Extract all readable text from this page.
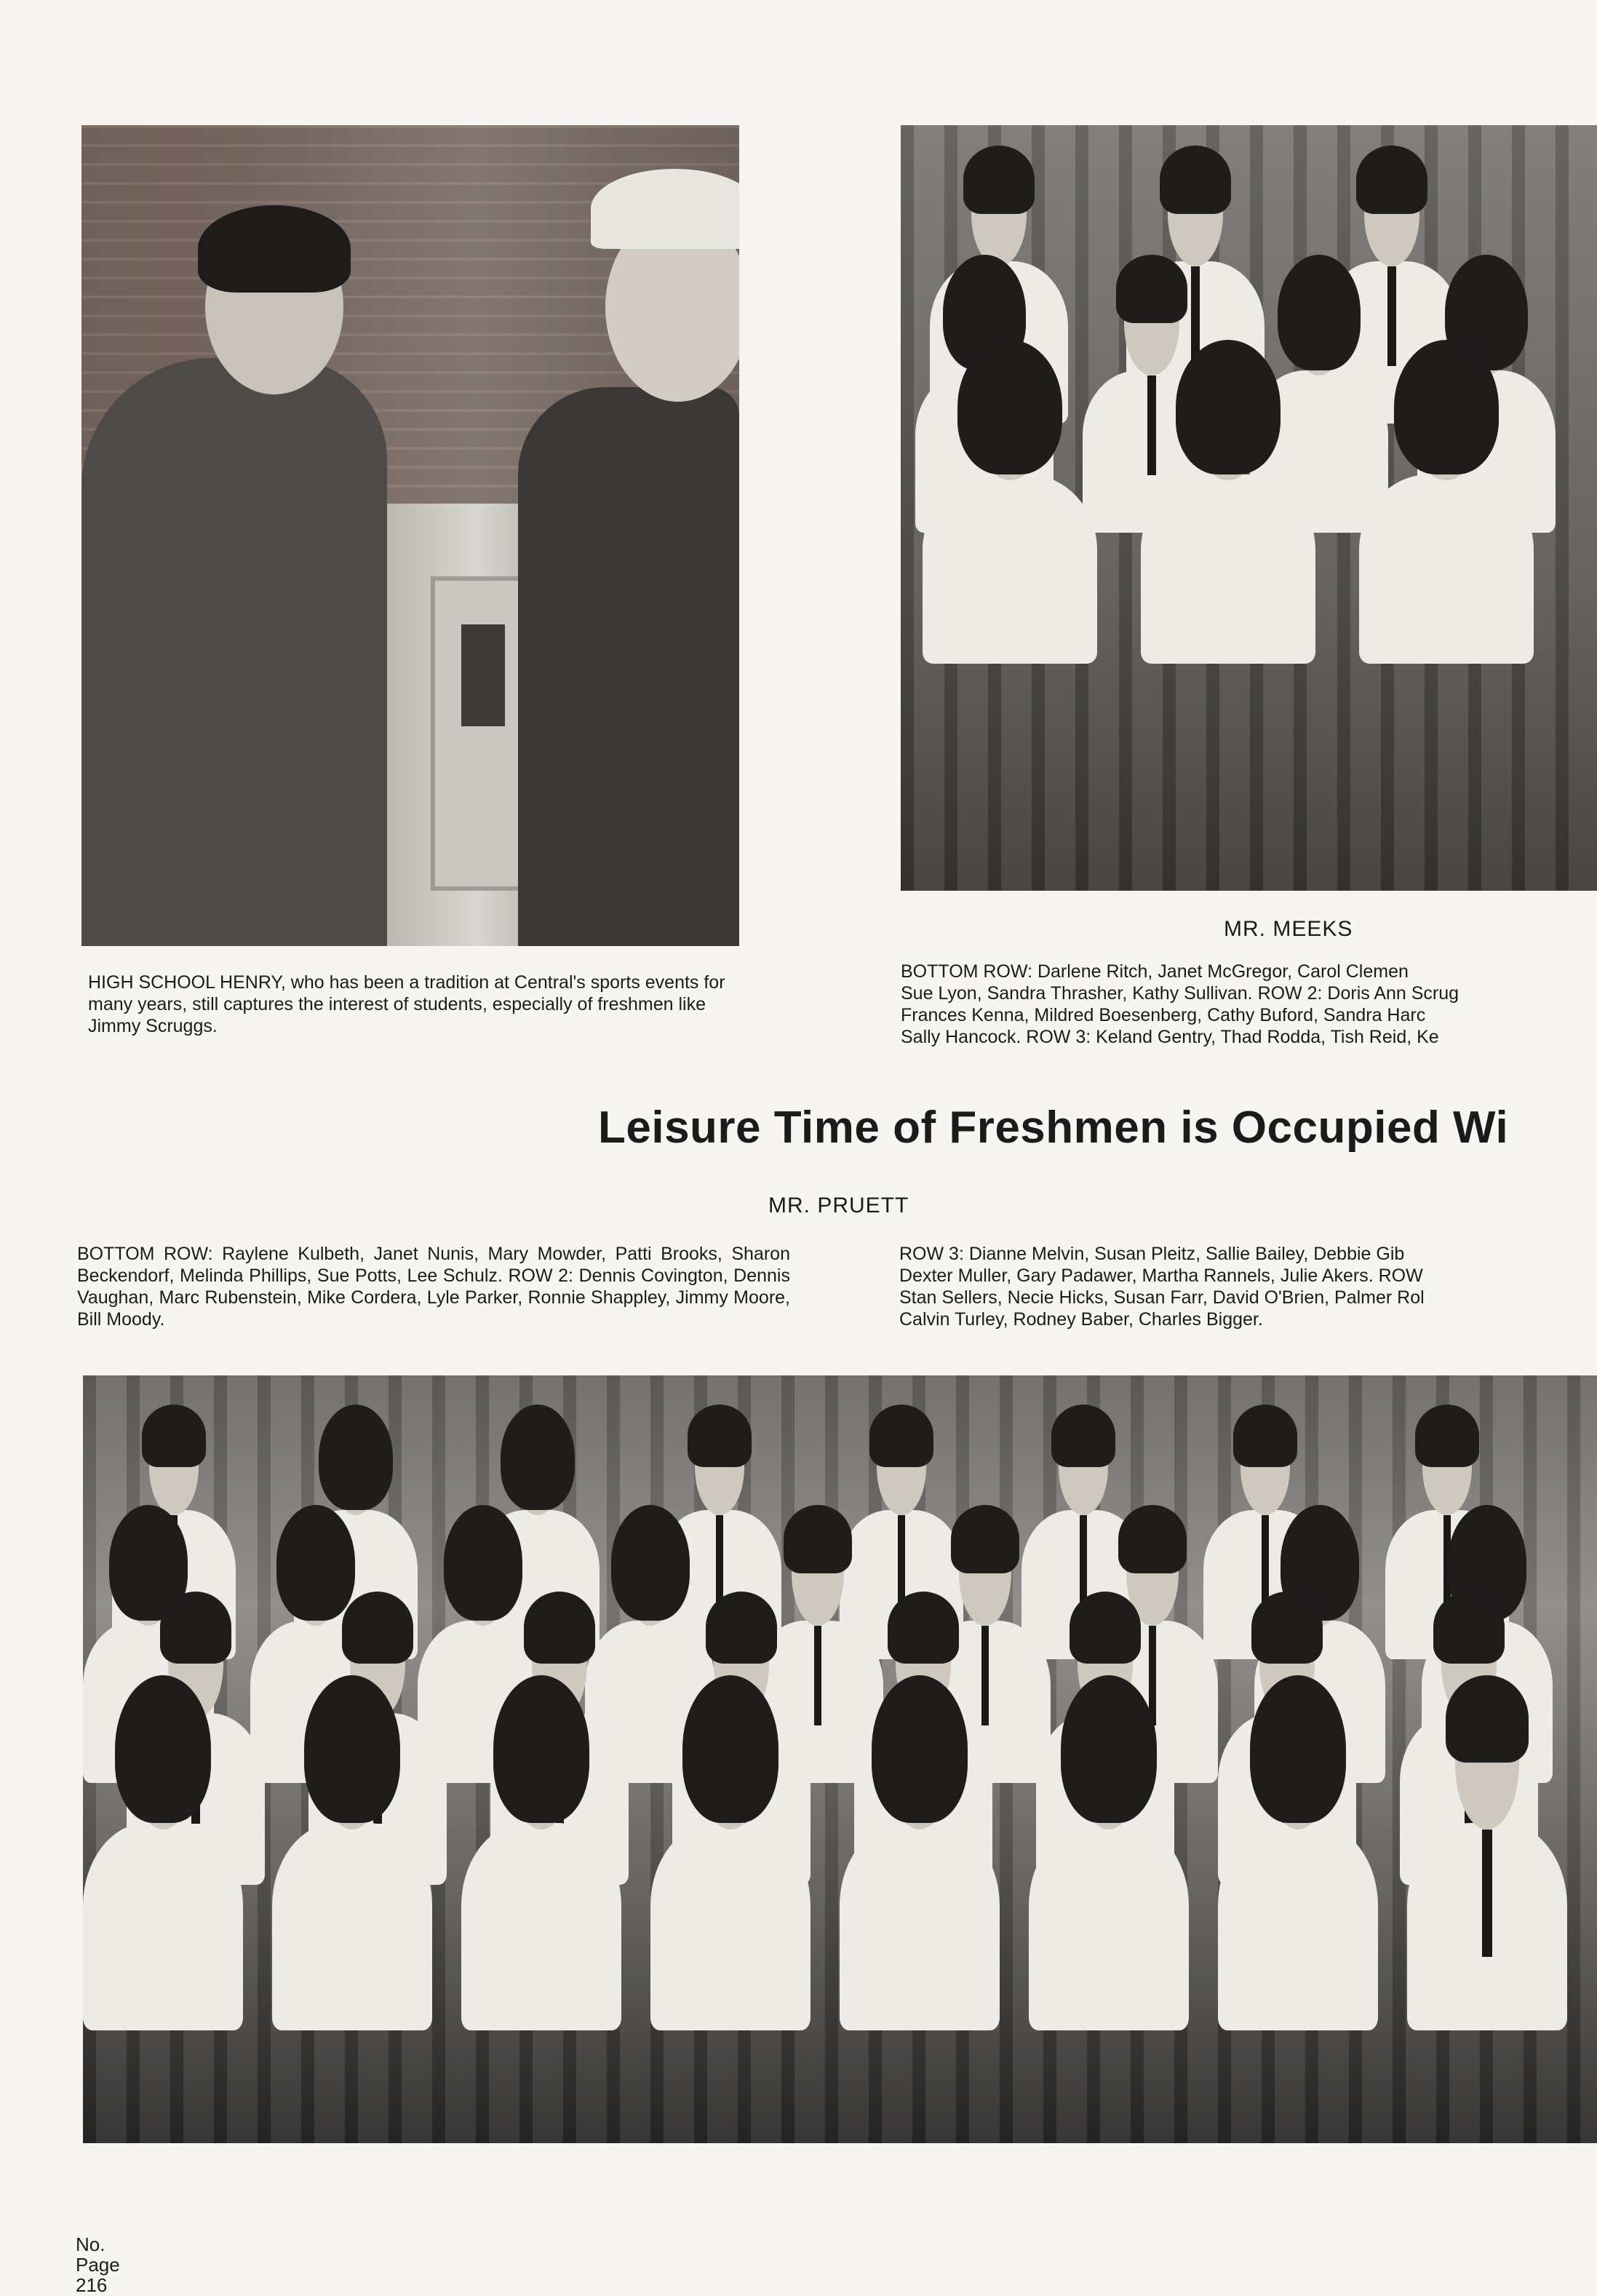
HIGH SCHOOL HENRY, who has been a tradition at Central's sports events for many years, still captures the interest of students, especially of freshmen like Jimmy Scruggs.

MR. MEEKS

BOTTOM ROW: Darlene Ritch, Janet McGregor, Carol Clemen
Sue Lyon, Sandra Thrasher, Kathy Sullivan. ROW 2: Doris Ann Scrug
Frances Kenna, Mildred Boesenberg, Cathy Buford, Sandra Harc
Sally Hancock. ROW 3: Keland Gentry, Thad Rodda, Tish Reid, Ke

Leisure Time of Freshmen is Occupied Wi

MR. PRUETT

BOTTOM ROW: Raylene Kulbeth, Janet Nunis, Mary Mowder, Patti Brooks, Sharon Beckendorf, Melinda Phillips, Sue Potts, Lee Schulz. ROW 2: Dennis Covington, Dennis Vaughan, Marc Rubenstein, Mike Cordera, Lyle Parker, Ronnie Shappley, Jimmy Moore, Bill Moody.

ROW 3: Dianne Melvin, Susan Pleitz, Sallie Bailey, Debbie Gib
Dexter Muller, Gary Padawer, Martha Rannels, Julie Akers. ROW
Stan Sellers, Necie Hicks, Susan Farr, David O'Brien, Palmer Rol
Calvin Turley, Rodney Baber, Charles Bigger.
No.
Page
216
